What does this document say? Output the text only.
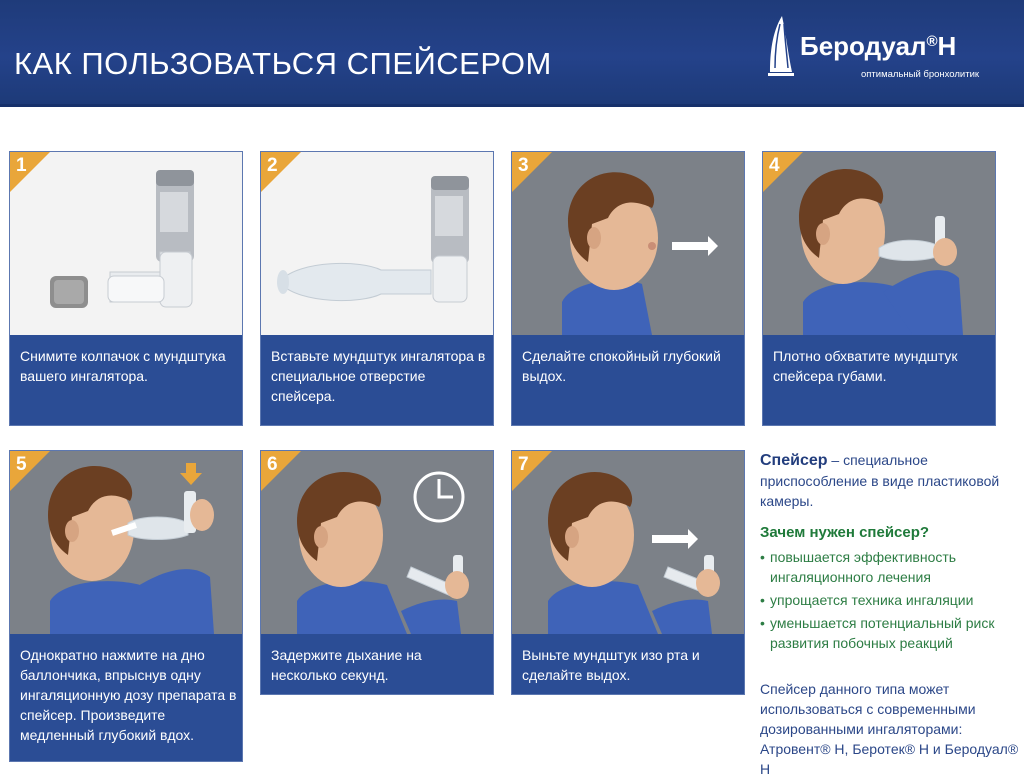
КАК ПОЛЬЗОВАТЬСЯ СПЕЙСЕРОМ	Беродуал®Н
оптимальный бронхолитик
1
Снимите колпачок с мундштука вашего ингалятора.
2
Вставьте мундштук ингалятора в специальное отверстие спейсера.
3
Сделайте спокойный глубокий выдох.
4
Плотно обхватите мундштук спейсера губами.
5
Однократно нажмите на дно баллончика, впрыснув одну ингаляционную дозу препарата в спейсер. Произведите медленный глубокий вдох.
6
Задержите дыхание на несколько секунд.
7
Выньте мундштук изо рта и сделайте выдох.
Спейсер – специальное приспособление в виде пластиковой камеры.
Зачем нужен спейсер?
• повышается эффективность ингаляционного лечения
• упрощается техника ингаляции
• уменьшается потенциальный риск развития побочных реакций
Спейсер данного типа может использоваться с современными дозированными ингаляторами: Атровент® Н, Беротек® Н и Беродуал® Н
